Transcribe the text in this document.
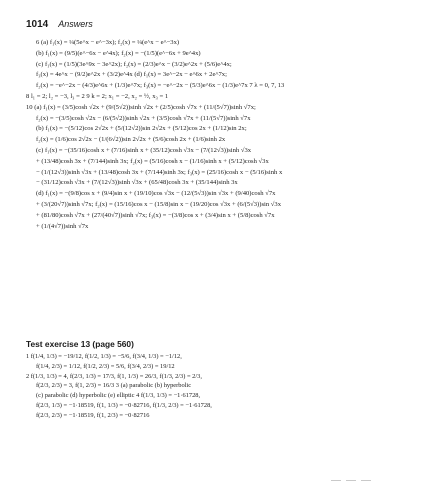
1014 Answers
6 (a) f₁(x) = ¼(5e^x − e^−3x); f₂(x) = ¼(e^x − e^−3x)
(b) f₁(x) = (9/5)(e^−6x − e^4x); f₂(x) = −(1/5)(e^−6x + 9e^4x)
(c) f₁(x) = (1/5)(3e^9x − 3e^2x); f₂(x) = (2/3)e^x − (3/2)e^2x + (5/6)e^4x;
f₃(x) = 4e^x − (9/2)e^2x + (3/2)e^4x (d) f₁(x) = 3e^−2x − e^6x + 2e^7x;
f₂(x) = −e^−2x − (4/3)e^6x + (1/3)e^7x; f₃(x) = −e^−2x − (5/3)e^6x − (1/3)e^7x 7 λ = 0, 7, 13
8 l₁ = 2; l₂ = −3, l₃ = 2 9 k = 2; x₁ = −2, x₂ = ½, x₃ = 1
10 (a) f₁(x) = (3/5)cosh √2x + (9/(5√2))sinh √2x + (2/5)cosh √7x + (11/(5√7))sinh √7x;
f₂(x) = −(3/5)cosh √2x − (6/(5√2))sinh √2x + (3/5)cosh √7x + (11/(5√7))sinh √7x
(b) f₁(x) = −(5/12)cos 2√2x + (5/(12√2))sin 2√2x + (5/12)cos 2x + (1/12)sin 2x;
f₂(x) = (1/6)cos 2√2x − (1/(6√2))sin 2√2x + (5/6)cosh 2x + (1/6)sinh 2x
(c) f₁(x) = −(35/16)cosh x + (7/16)sinh x + (35/12)cosh √3x − (7/(12√3))sinh √3x
+ (13/48)cosh 3x + (7/144)sinh 3x; f₂(x) = (5/16)cosh x − (1/16)sinh x + (5/12)cosh √3x
− (1/(12√3))sinh √3x + (13/48)cosh 3x + (7/144)sinh 3x; f₃(x) = (25/16)cosh x − (5/16)sinh x
− (31/12)cosh √3x + (7/(12√3))sinh √3x + (65/48)cosh 3x + (35/144)sinh 3x
(d) f₁(x) = −(9/8)cos x + (9/4)sin x + (19/10)cos √3x − (12/(5√3))sin √3x + (9/40)cosh √7x
+ (3/(20√7))sinh √7x; f₂(x) = (15/16)cos x − (15/8)sin x − (19/20)cos √3x + (6/(5√3))sin √3x
+ (81/80)cosh √7x + (27/(40√7))sinh √7x; f₃(x) = −(3/8)cos x + (3/4)sin x + (5/8)cosh √7x
+ (1/(4√7))sinh √7x
Test exercise 13 (page 560)
1 f(1/4, 1/3) = −19/12, f(1/2, 1/3) = −5/6, f(3/4, 1/3) = −1/12,
f(1/4, 2/3) = 1/12, f(1/2, 2/3) = 5/6, f(3/4, 2/3) = 19/12
2 f(1/3, 1/3) = 4, f(2/3, 1/3) = 17/3, f(1, 1/3) = 26/3, f(1/3, 2/3) = 2/3,
f(2/3, 2/3) = 3, f(1, 2/3) = 16/3 3 (a) parabolic (b) hyperbolic
(c) parabolic (d) hyperbolic (e) elliptic 4 f(1/3, 1/3) = −1·61728,
f(2/3, 1/3) = −1·18519, f(1, 1/3) = −0·82716, f(1/3, 2/3) = −1·61728,
f(2/3, 2/3) = −1·18519, f(1, 2/3) = −0·82716
